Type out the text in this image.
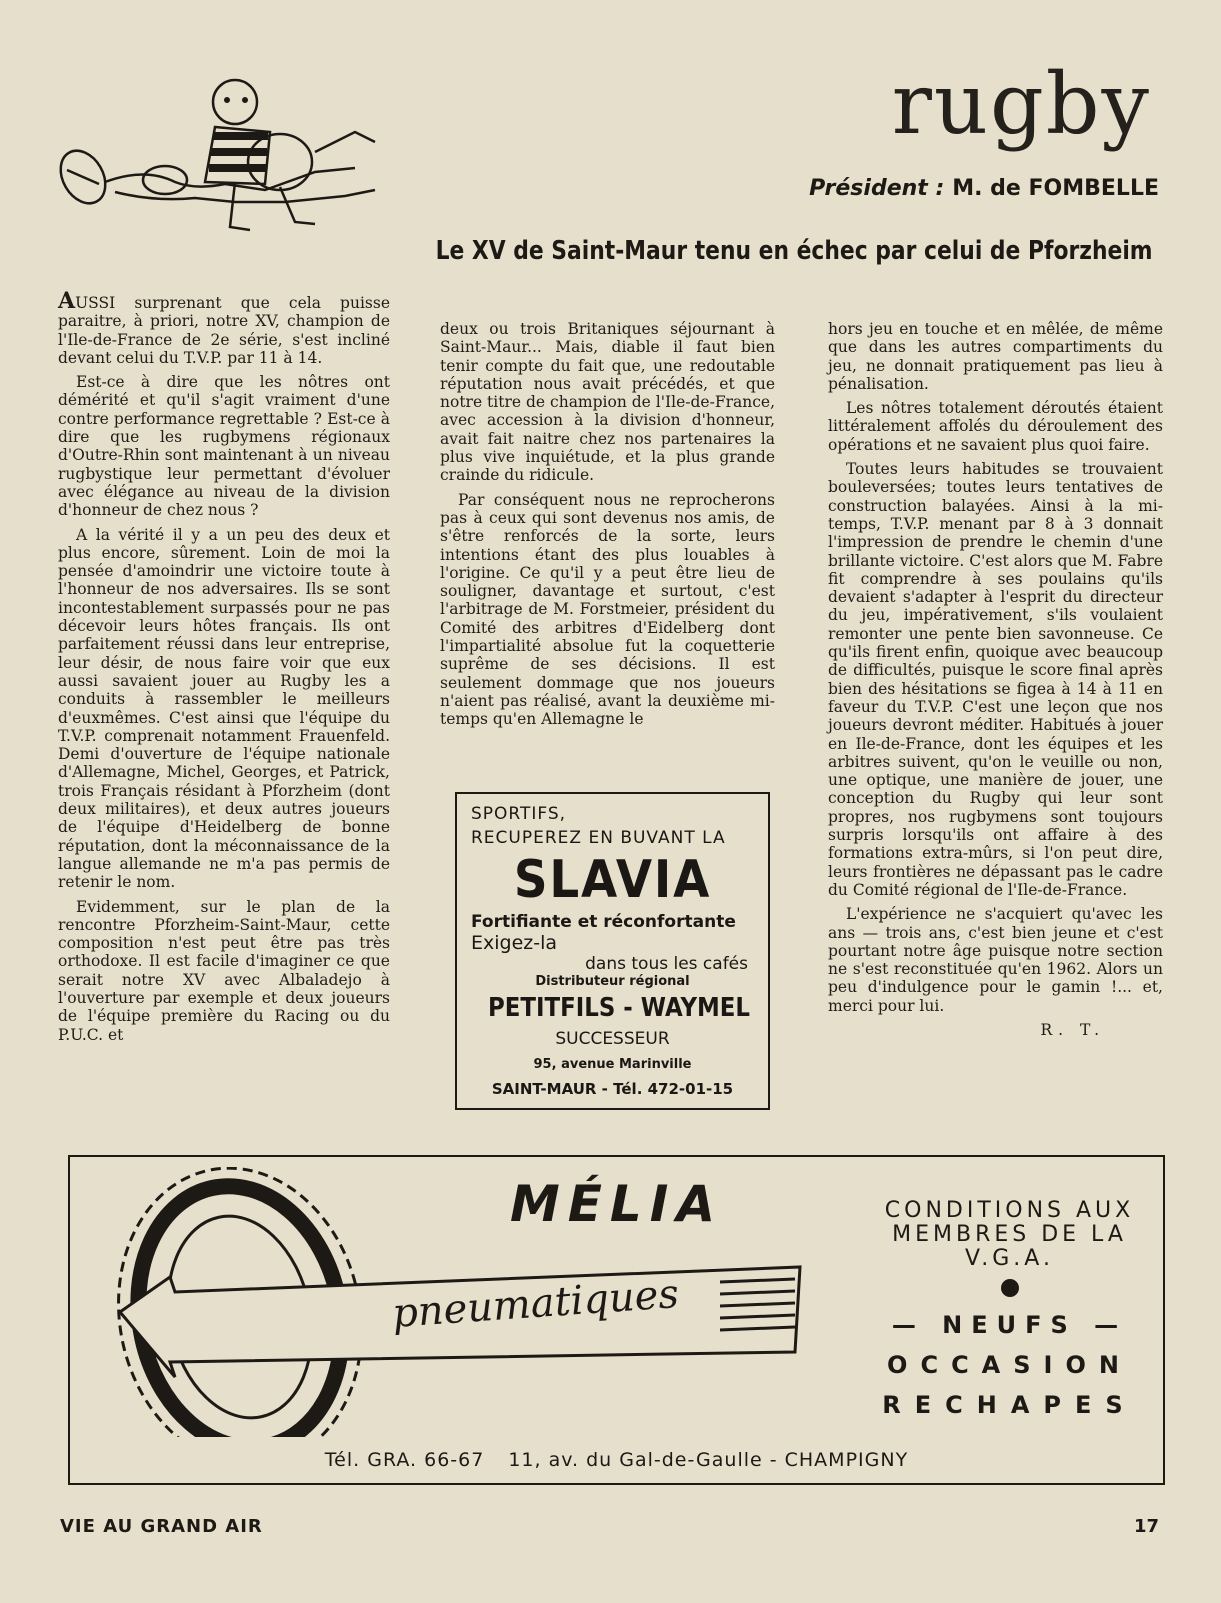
rugby
Président : M. de FOMBELLE
Le XV de Saint-Maur tenu en échec par celui de Pforzheim

AUSSI surprenant que cela puisse paraitre, à priori, notre XV, champion de l'Ile-de-France de 2e série, s'est incliné devant celui du T.V.P. par 11 à 14.

Est-ce à dire que les nôtres ont démérité et qu'il s'agit vraiment d'une contre performance regrettable ? Est-ce à dire que les rugbymens régionaux d'Outre-Rhin sont maintenant à un niveau rugbystique leur permettant d'évoluer avec élégance au niveau de la division d'honneur de chez nous ?

A la vérité il y a un peu des deux et plus encore, sûrement. Loin de moi la pensée d'amoindrir une victoire toute à l'honneur de nos adversaires. Ils se sont incontestablement surpassés pour ne pas décevoir leurs hôtes français. Ils ont parfaitement réussi dans leur entreprise, leur désir, de nous faire voir que eux aussi savaient jouer au Rugby les a conduits à rassembler le meilleurs d'euxmêmes. C'est ainsi que l'équipe du T.V.P. comprenait notamment Frauenfeld. Demi d'ouverture de l'équipe nationale d'Allemagne, Michel, Georges, et Patrick, trois Français résidant à Pforzheim (dont deux militaires), et deux autres joueurs de l'équipe d'Heidelberg de bonne réputation, dont la méconnaissance de la langue allemande ne m'a pas permis de retenir le nom.

Evidemment, sur le plan de la rencontre Pforzheim-Saint-Maur, cette composition n'est peut être pas très orthodoxe. Il est facile d'imaginer ce que serait notre XV avec Albaladejo à l'ouverture par exemple et deux joueurs de l'équipe première du Racing ou du P.U.C. et

deux ou trois Britaniques séjournant à Saint-Maur... Mais, diable il faut bien tenir compte du fait que, une redoutable réputation nous avait précédés, et que notre titre de champion de l'Ile-de-France, avec accession à la division d'honneur, avait fait naitre chez nos partenaires la plus vive inquiétude, et la plus grande crainde du ridicule.

Par conséquent nous ne reprocherons pas à ceux qui sont devenus nos amis, de s'être renforcés de la sorte, leurs intentions étant des plus louables à l'origine. Ce qu'il y a peut être lieu de souligner, davantage et surtout, c'est l'arbitrage de M. Forstmeier, président du Comité des arbitres d'Eidelberg dont l'impartialité absolue fut la coquetterie suprême de ses décisions. Il est seulement dommage que nos joueurs n'aient pas réalisé, avant la deuxième mi-temps qu'en Allemagne le

hors jeu en touche et en mêlée, de même que dans les autres compartiments du jeu, ne donnait pratiquement pas lieu à pénalisation.

Les nôtres totalement déroutés étaient littéralement affolés du déroulement des opérations et ne savaient plus quoi faire.

Toutes leurs habitudes se trouvaient bouleversées; toutes leurs tentatives de construction balayées. Ainsi à la mi-temps, T.V.P. menant par 8 à 3 donnait l'impression de prendre le chemin d'une brillante victoire. C'est alors que M. Fabre fit comprendre à ses poulains qu'ils devaient s'adapter à l'esprit du directeur du jeu, impérativement, s'ils voulaient remonter une pente bien savonneuse. Ce qu'ils firent enfin, quoique avec beaucoup de difficultés, puisque le score final après bien des hésitations se figea à 14 à 11 en faveur du T.V.P. C'est une leçon que nos joueurs devront méditer. Habitués à jouer en Ile-de-France, dont les équipes et les arbitres suivent, qu'on le veuille ou non, une optique, une manière de jouer, une conception du Rugby qui leur sont propres, nos rugbymens sont toujours surpris lorsqu'ils ont affaire à des formations extra-mûrs, si l'on peut dire, leurs frontières ne dépassant pas le cadre du Comité régional de l'Ile-de-France.

L'expérience ne s'acquiert qu'avec les ans — trois ans, c'est bien jeune et c'est pourtant notre âge puisque notre section ne s'est reconstituée qu'en 1962. Alors un peu d'indulgence pour le gamin !... et, merci pour lui.

R. T.
SPORTIFS,
RECUPEREZ EN BUVANT LA
SLAVIA
Fortifiante et réconfortante
Exigez-la
dans tous les cafés
Distributeur régional
PETITFILS - WAYMEL
SUCCESSEUR
95, avenue Marinville
SAINT-MAUR - Tél. 472-01-15
MÉLIA
pneumatiques
CONDITIONS AUX MEMBRES DE LA V.G.A.
— NEUFS —
OCCASION
RECHAPES
Tél. GRA. 66-67 11, av. du Gal-de-Gaulle - CHAMPIGNY
VIE AU GRAND AIR	17
